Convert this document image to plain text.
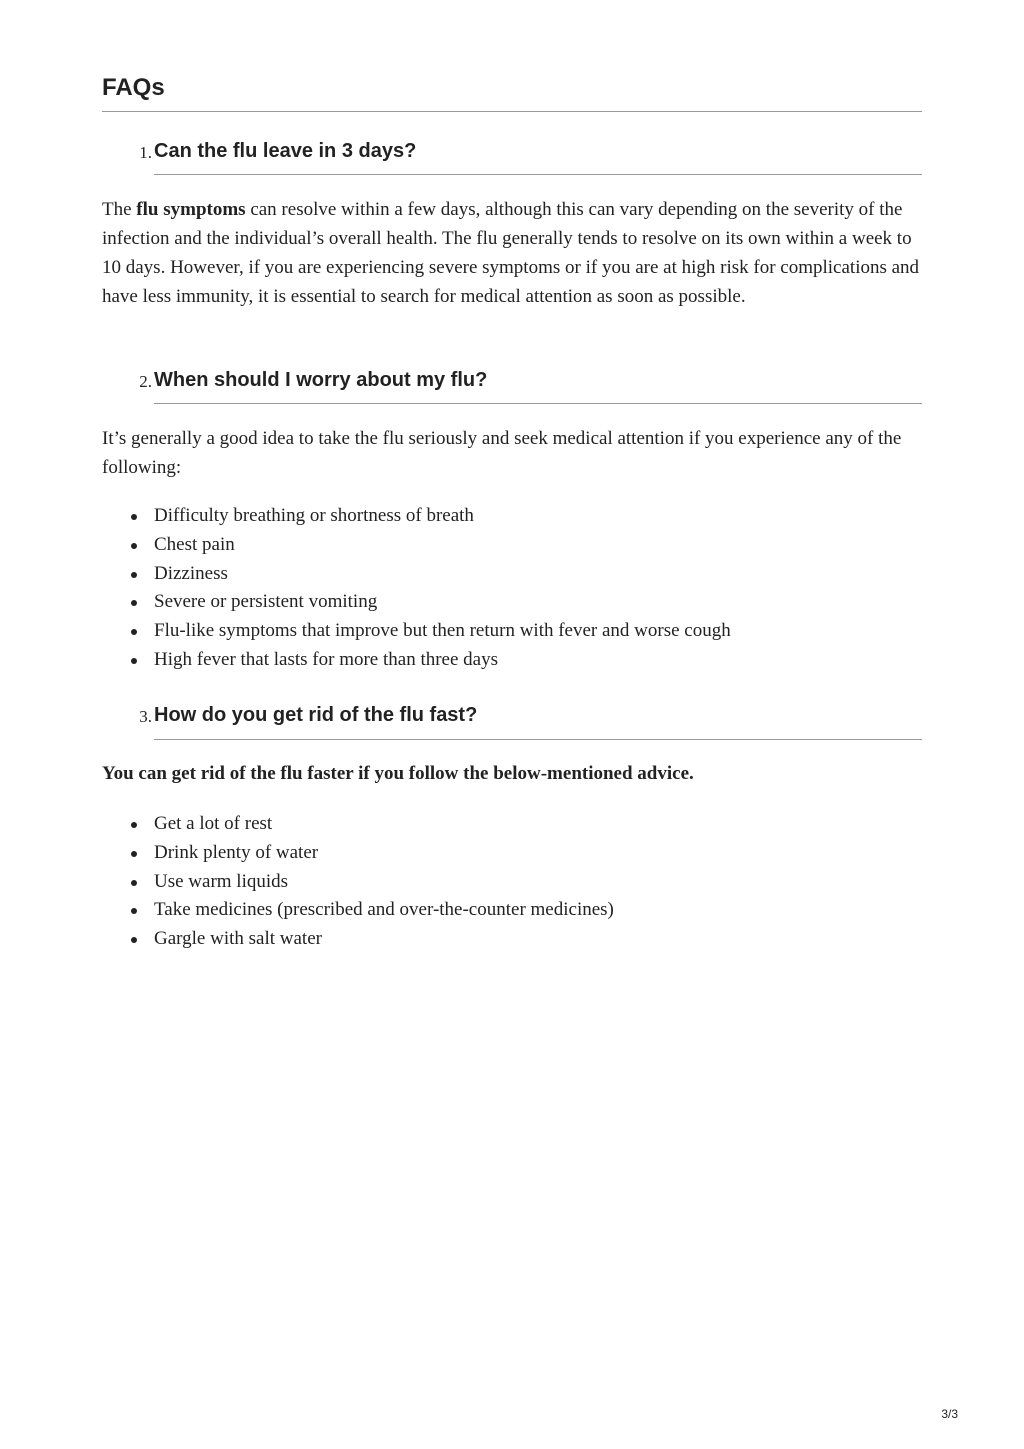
FAQs
1. Can the flu leave in 3 days?

The flu symptoms can resolve within a few days, although this can vary depending on the severity of the infection and the individual’s overall health. The flu generally tends to resolve on its own within a week to 10 days. However, if you are experiencing severe symptoms or if you are at high risk for complications and have less immunity, it is essential to search for medical attention as soon as possible.

2. When should I worry about my flu?

It’s generally a good idea to take the flu seriously and seek medical attention if you experience any of the following:

Difficulty breathing or shortness of breath
Chest pain
Dizziness
Severe or persistent vomiting
Flu-like symptoms that improve but then return with fever and worse cough
High fever that lasts for more than three days
3. How do you get rid of the flu fast?

You can get rid of the flu faster if you follow the below-mentioned advice.

Get a lot of rest
Drink plenty of water
Use warm liquids
Take medicines (prescribed and over-the-counter medicines)
Gargle with salt water
3/3
